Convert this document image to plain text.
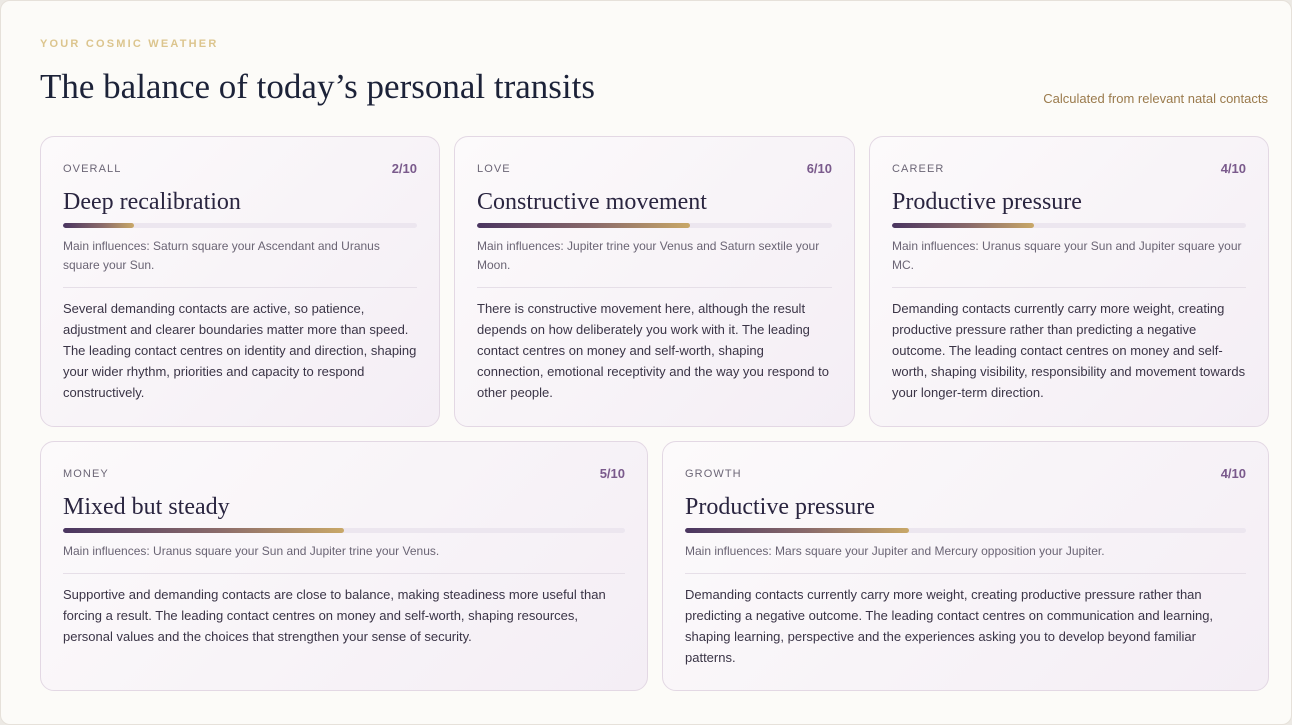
YOUR COSMIC WEATHER
The balance of today’s personal transits	Calculated from relevant natal contacts
OVERALL	2/10
Deep recalibration
Main influences: Saturn square your Ascendant and Uranus square your Sun.
Several demanding contacts are active, so patience, adjustment and clearer boundaries matter more than speed. The leading contact centres on identity and direction, shaping your wider rhythm, priorities and capacity to respond constructively.
LOVE	6/10
Constructive movement
Main influences: Jupiter trine your Venus and Saturn sextile your Moon.
There is constructive movement here, although the result depends on how deliberately you work with it. The leading contact centres on money and self-worth, shaping connection, emotional receptivity and the way you respond to other people.
CAREER	4/10
Productive pressure
Main influences: Uranus square your Sun and Jupiter square your MC.
Demanding contacts currently carry more weight, creating productive pressure rather than predicting a negative outcome. The leading contact centres on money and self-worth, shaping visibility, responsibility and movement towards your longer-term direction.
MONEY	5/10
Mixed but steady
Main influences: Uranus square your Sun and Jupiter trine your Venus.
Supportive and demanding contacts are close to balance, making steadiness more useful than forcing a result. The leading contact centres on money and self-worth, shaping resources, personal values and the choices that strengthen your sense of security.
GROWTH	4/10
Productive pressure
Main influences: Mars square your Jupiter and Mercury opposition your Jupiter.
Demanding contacts currently carry more weight, creating productive pressure rather than predicting a negative outcome. The leading contact centres on communication and learning, shaping learning, perspective and the experiences asking you to develop beyond familiar patterns.
